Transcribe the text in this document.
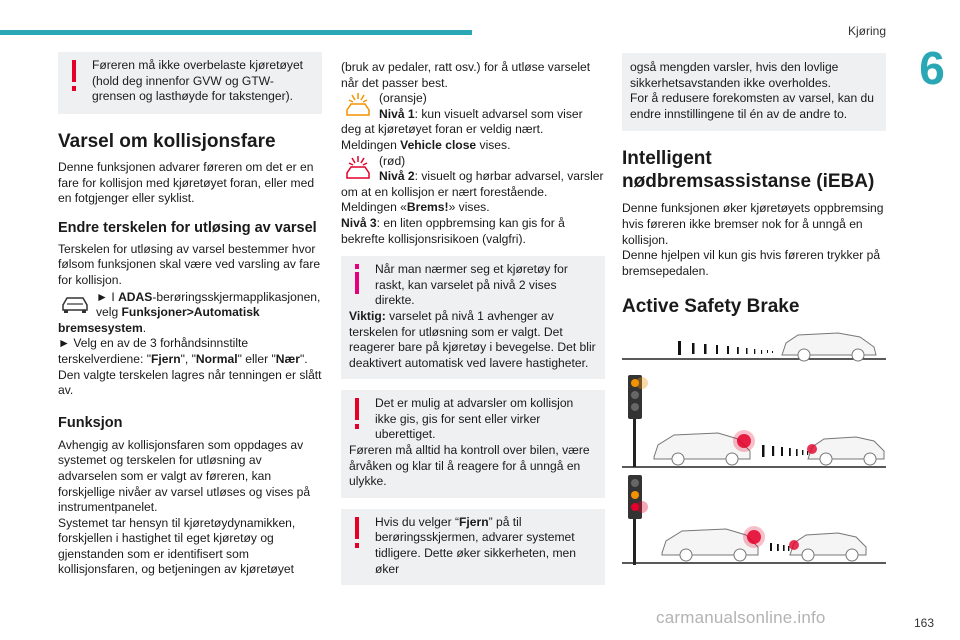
Kjøring
6
Føreren må ikke overbelaste kjøretøyet (hold deg innenfor GVW og GTW-grensen og lasthøyde for takstenger).
Varsel om kollisjonsfare

Denne funksjonen advarer føreren om det er en fare for kollisjon med kjøretøyet foran, eller med en fotgjenger eller syklist.

Endre terskelen for utløsing av varsel

Terskelen for utløsing av varsel bestemmer hvor følsom funksjonen skal være ved varsling av fare for kollisjon.

► I ADAS-berøringsskjermapplikasjonen, velg Funksjoner>Automatisk bremsesystem.

► Velg en av de 3 forhåndsinnstilte terskelverdiene: "Fjern", "Normal" eller "Nær".

Den valgte terskelen lagres når tenningen er slått av.

Funksjon

Avhengig av kollisjonsfaren som oppdages av systemet og terskelen for utløsning av advarselen som er valgt av føreren, kan forskjellige nivåer av varsel utløses og vises på instrumentpanelet.

Systemet tar hensyn til kjøretøydynamikken, forskjellen i hastighet til eget kjøretøy og gjenstanden som er identifisert som kollisjonsfaren, og betjeningen av kjøretøyet

(bruk av pedaler, ratt osv.) for å utløse varselet når det passer best.

(oransje)
Nivå 1: kun visuelt advarsel som viser deg at kjøretøyet foran er veldig nært.

Meldingen Vehicle close vises.

(rød)
Nivå 2: visuelt og hørbar advarsel, varsler om at en kollisjon er nært forestående.

Meldingen «Brems!» vises.

Nivå 3: en liten oppbremsing kan gis for å bekrefte kollisjonsrisikoen (valgfri).

Når man nærmer seg et kjøretøy for raskt, kan varselet på nivå 2 vises direkte.

Viktig: varselet på nivå 1 avhenger av terskelen for utløsning som er valgt. Det reagerer bare på kjøretøy i bevegelse. Det blir deaktivert automatisk ved lavere hastigheter.

Det er mulig at advarsler om kollisjon ikke gis, gis for sent eller virker uberettiget.

Føreren må alltid ha kontroll over bilen, være årvåken og klar til å reagere for å unngå en ulykke.

Hvis du velger “Fjern” på til berøringsskjermen, advarer systemet tidligere. Dette øker sikkerheten, men øker

også mengden varsler, hvis den lovlige sikkerhetsavstanden ikke overholdes.

For å redusere forekomsten av varsel, kan du endre innstillingene til én av de andre to.

Intelligent nødbremsassistanse (iEBA)

Denne funksjonen øker kjøretøyets oppbremsing hvis føreren ikke bremser nok for å unngå en kollisjon.

Denne hjelpen vil kun gis hvis føreren trykker på bremsepedalen.

Active Safety Brake
carmanualsonline.info	163
